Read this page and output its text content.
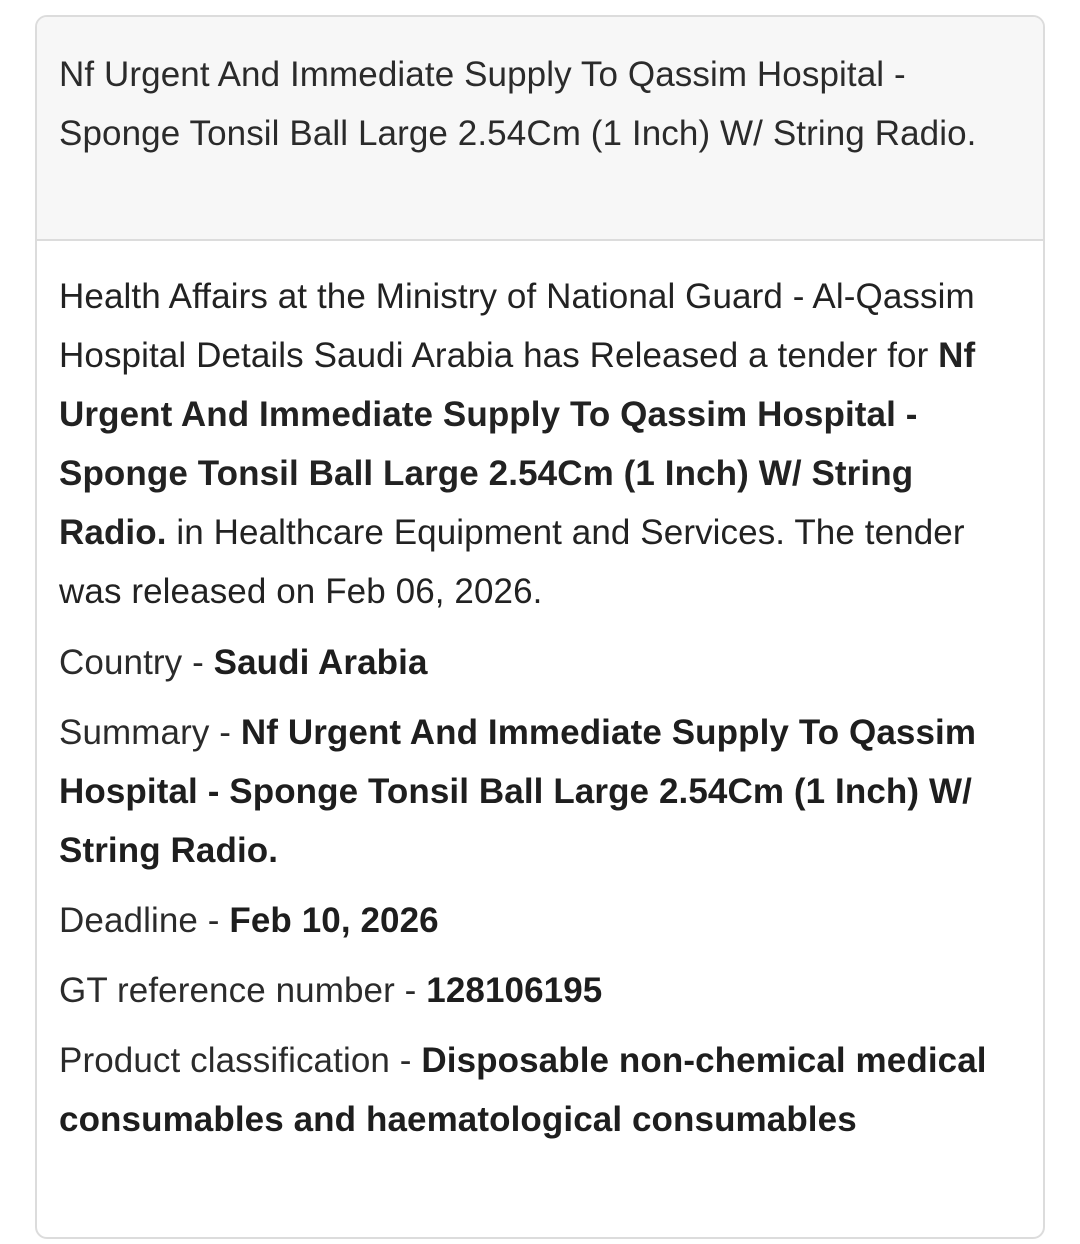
Nf Urgent And Immediate Supply To Qassim Hospital - Sponge Tonsil Ball Large 2.54Cm (1 Inch) W/ String Radio.

Health Affairs at the Ministry of National Guard - Al-Qassim Hospital Details Saudi Arabia has Released a tender for Nf Urgent And Immediate Supply To Qassim Hospital - Sponge Tonsil Ball Large 2.54Cm (1 Inch) W/ String Radio. in Healthcare Equipment and Services. The tender was released on Feb 06, 2026.

Country - Saudi Arabia

Summary - Nf Urgent And Immediate Supply To Qassim Hospital - Sponge Tonsil Ball Large 2.54Cm (1 Inch) W/ String Radio.

Deadline - Feb 10, 2026

GT reference number - 128106195

Product classification - Disposable non-chemical medical consumables and haematological consumables
